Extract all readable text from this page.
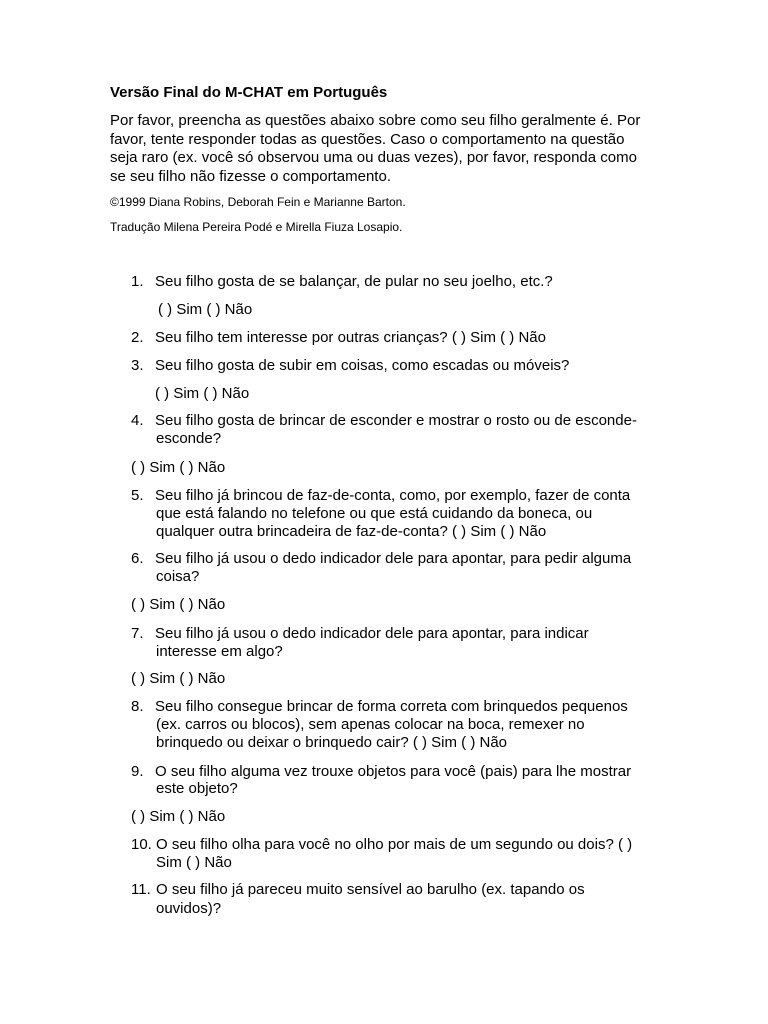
Versão Final do M-CHAT em Português
Por favor, preencha as questões abaixo sobre como seu filho geralmente é. Por
favor, tente responder todas as questões. Caso o comportamento na questão
seja raro (ex. você só observou uma ou duas vezes), por favor, responda como
se seu filho não fizesse o comportamento.
©1999 Diana Robins, Deborah Fein e Marianne Barton.
Tradução Milena Pereira Podé e Mirella Fiuza Losapio.
1. Seu filho gosta de se balançar, de pular no seu joelho, etc.?
( ) Sim ( ) Não
2. Seu filho tem interesse por outras crianças? ( ) Sim ( ) Não
3. Seu filho gosta de subir em coisas, como escadas ou móveis?
( ) Sim ( ) Não
4. Seu filho gosta de brincar de esconder e mostrar o rosto ou de esconde-
esconde?
( ) Sim ( ) Não
5. Seu filho já brincou de faz-de-conta, como, por exemplo, fazer de conta
que está falando no telefone ou que está cuidando da boneca, ou
qualquer outra brincadeira de faz-de-conta? ( ) Sim ( ) Não
6. Seu filho já usou o dedo indicador dele para apontar, para pedir alguma
coisa?
( ) Sim ( ) Não
7. Seu filho já usou o dedo indicador dele para apontar, para indicar
interesse em algo?
( ) Sim ( ) Não
8. Seu filho consegue brincar de forma correta com brinquedos pequenos
(ex. carros ou blocos), sem apenas colocar na boca, remexer no
brinquedo ou deixar o brinquedo cair? ( ) Sim ( ) Não
9. O seu filho alguma vez trouxe objetos para você (pais) para lhe mostrar
este objeto?
( ) Sim ( ) Não
10. O seu filho olha para você no olho por mais de um segundo ou dois? ( )
Sim ( ) Não
11. O seu filho já pareceu muito sensível ao barulho (ex. tapando os
ouvidos)?
